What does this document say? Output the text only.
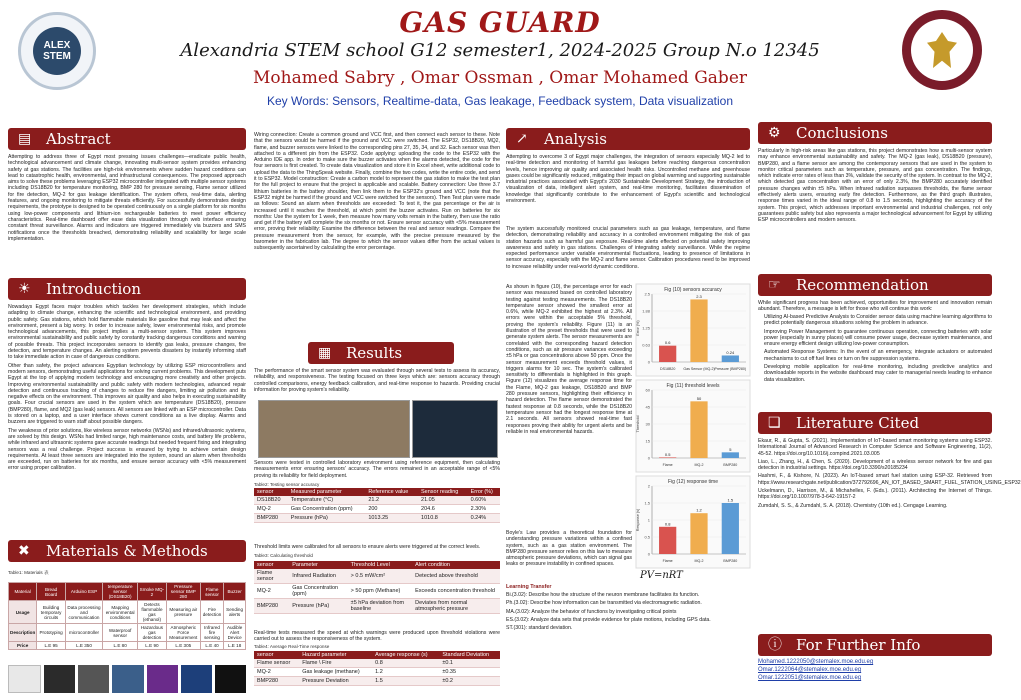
ALEX STEM
GAS GUARD
Alexandria STEM school G12 semester1, 2024-2025 Group N.o 12345
Mohamed Sabry , Omar Ossman , Omar Mohamed Gaber
Key Words: Sensors, Realtime-data, Gas leakage, Feedback system, Data visualization
▤ Abstract

Attempting to address three of Egypt most pressing issues challenges—eradicate public health, technological advancement and climate change, innovating multi-sensor system provides enhancing safety at gas stations. The facilities are high-risk environments where sudden hazard conditions can lead to catastrophic health, environmental, and infrastructural consequences. The proposed approach aims to solve these problems leveraging ESP32 microcontroller integrated with multiple sensor systems including DS18B20 for temperature monitoring, BMP 280 for pressure sensing, Flame sensor utilized for fire detection, MQ-2 for gas leakage identification. The system offers, real-time data, alerting features, and ongoing monitoring to mitigate threats efficiently. For successfully demonstrates design requirements, the prototype is designed to be operated continuously on a single platform for six months using low-power components and lithium-ion rechargeable batteries to meet power efficiency characteristics. Real-time dashboard offer ease data visualization through web interface ensuring constant threat surveillance. Alarms and indicators are triggered immediately via buzzers and SMS notifications once the thresholds breached, demonstrating reliability and scalability for large scale implementation.

☀ Introduction

Nowadays Egypt faces major troubles which tackles her development strategies, which include adapting to climate change, enhancing the scientific and technological environment, and providing public safety. Gas stations, which hold flammable materials like gasoline that may leak and affect the environment, present a big worry. In order to increase safety, lower environmental risks, and promote technological advancements, this project implies a multi-sensor system. This system improves environmental sustainability and public safety by constantly tracking dangerous conditions and warning of possible threats. This project incorporates sensors to identify gas leaks, pressure changes, fire detection, and temperature changes. An alerting system prevents disasters by instantly informing staff to take immediate action in case of dangerous conditions.

Other than safety, the project advances Egyptian technology by utilizing ESP microcontrollers and modern sensors, demonstrating useful applications for solving current problems. This development puts Egypt at the top of applying modern technology and encouraging more creativity and other projects. Improving environmental sustainability and public safety with modern technologies, advanced repair detection and continuous tracking of changes to reduce fire dangers, limiting air pollution and its negative effects on the environment. This improves air quality and also helps in executing sustainability goals. Four crucial sensors are used in the system which are temperature (DS18B20), pressure (BMP280), flame, and MQ2 (gas leak) sensors. All sensors are linked with an ESP microcontroller. Data is stored on a laptop, and a user interface shows current conditions as a live display. Alarms and buzzers are triggered to warn staff about possible dangers.

The weakness of prior solutions, like wireless sensor networks (WSNs) and infrared/ultrasonic systems, are solved by this design. WSNs had limited range, high maintenance costs, and battery life problems, while infrared and ultrasonic systems gave accurate readings but needed frequent fixing and integrating sensors was a real challenge. Project success is ensured by trying to achieve certain design requirements. At least three sensors are integrated into the system, sound an alarm when thresholds are exceeded, run on batteries for six months, and ensure sensor accuracy with <5% measurement error using proper calibration.

✖ Materials & Methods
Table1: Materials 表
Material	Bread Board	Arduino ESP	temperature sensor (DS18B20)	Smoke MQ-2	Pressure sensor BMP 280	Flame sensor	Buzzer
Usage	Building temporary circuits	Data processing and communication	Mapping environmental conditions	Detects flammable gas (ethanol)	Measuring air pressure	Fire detection	Sending alerts
Description	Prototyping	microcontroller	Waterproof sensor	Hazardous gas detection	Atmospheric Force Measurement	Infrared fire sensing	Audible Alert Device
Price	L.E 95	L.E 350	L.E 80	L.E 90	L.E 305	L.E 40	L.E 18

Wiring connection: Create a common ground and VCC first, and then connect each sensor to these. Note that the sensors would be harmed if the ground and VCC were switched. The ESP32, DS18B20, MQ2, flame, and buzzer sensors were linked to the corresponding pins 27, 35, 34, and 32. Each sensor was then attached to a different pin from the ESP32. Code applying: uploading the code to the ESP32 with the Arduino IDE app. In order to make sure the buzzer activates when the alarms detected, the code for the four sensors is first created. To create data visualization and store it in Excel sheet, write additional code to upload the data to the ThingSpeak website. Finally, combine the two codes, write the entire code, and send it to ESP32. Model construction: Create a carbon model to represent the gas station to make the test plan for the full project to ensure that the project is applicable and scalable. Battery connection: Use three 3.7 lithium batteries in the battery shoulder, then link them to the ESP32's ground and VCC (note that the ESP32 might be harmed if the ground and VCC were switched for the sensors). Then Test plan were made as follows: Sound an alarm when thresholds are exceeded: To test it, the gas percentage or the air is increased until it reaches the threshold, at which point the buzzer activates. Run on batteries for six months: Use the system for 1 week, then measure how many volts remain in the battery, then use the ratio and get if the battery will complete the six months or not. Ensure sensor accuracy with <5% measurement error, proving their reliability: Examine the difference between the real and sensor readings. Compare the pressure measurement from the sensor, for example, with the precise pressure measured by the barometer in the fabrication lab. The degree to which the sensor values differ from the actual values is subsequently ascertained by calculating the error percentage.

▦ Results

The performance of the smart sensor system was evaluated through several tests to assess its accuracy, reliability, and responsiveness. The testing focused on three keys which are: sensors accuracy through controlled comparisons, energy feedback calibration, and real-time response to hazards. Providing crucial information for proving system's reliability.

Sensors were tested in controlled laboratory environment using reference equipment, then calculating measurements error ensuring sensors' accuracy. The errors remained in an acceptable range of <5% proving its reliability for field deployment.

Table2: Testing sensor accuracy
sensor	Measured parameter	Reference value	Sensor reading	Error (%)
DS18B20	Temperature (°C)	21.2	21.05	0.60%
MQ-2	Gas Concentration (ppm)	200	204.6	2.30%
BMP280	Pressure (hPa)	1013.25	1010.8	0.24%

Threshold limits were calibrated for all sensors to ensure alerts were triggered at the correct levels.

Table3: Calculating threshold
sensor	Parameter	Threshold Level	Alert condition
Flame sensor	Infrared Radiation	> 0.5 mW/cm²	Detected above threshold
MQ-2	Gas Concentration (ppm)	> 50 ppm (Methane)	Exceeds concentration threshold
BMP280	Pressure (hPa)	±5 hPa deviation from baseline	Deviates from normal atmospheric pressure

Real-time tests measured the speed at which warnings were produced upon threshold violations were carried out to assess the responsiveness of the system.

Table4: Average Real-Time response
sensor	Hazard parameter	Average response (s)	Standard Deviation
Flame sensor	Flame \ Fire	0.8	±0.1
MQ-2	Gas leakage (methane)	1.2	±0.35
BMP280	Pressure Deviation	1.5	±0.2
↗ Analysis

Attempting to overcome 3 of Egypt major challenges, the integration of sensors especially MQ-2 led to real-time detection and monitoring of harmful gas leakages before reaching dangerous concentration levels, hence improving air quality and associated health risks. Uncontrolled methane and greenhouse gases could be significantly reduced, mitigating their impact on global warming and supporting sustainable industrial practices associated with Egypt's 2030 Sustainable Development Strategy, the introduction of visualization of data, intelligent alert system, and real-time monitoring, facilitates dissemination of knowledge that significantly contribute to the enhancement of Egypt's scientific and technological environment.

The system successfully monitored crucial parameters such as gas leakage, temperature, and flame detection, demonstrating reliability and accuracy in a controlled environment mitigating the risk of gas station hazards such as harmful gas exposure. Real-time alerts effected on potential safety improving awareness and safety in gas stations. Challenges of integrating safety surveillance. While the regime expected performance under variable environmental fluctuations, leading to presence of limitations in sensor accuracy, especially with the MQ-2 and flame sensor. Calibration procedures need to be improved to increase reliability under real-world dynamic conditions.

As shown in figure (10), the percentage error for each sensor was measured based on controlled laboratory testing against testing measurements. The DS18B20 temperature sensor showed the smallest error at 0.6%, while MQ-2 exhibited the highest at 2.3%. All errors were within the acceptable 5% threshold, proving the system's reliability. Figure (11) is an illustration of the preset thresholds that were used to generate system alerts. The sensor measurements are correlated with the corresponding hazard detection conditions, such as air pressure variances exceeding ±5 hPa or gas concentrations above 50 ppm. Once the sensor measurement exceeds threshold values, it triggers alarms for 10 sec. The system's calibrated sensitivity to differentials is highlighted in this graph. Figure (12) visualizes the average response time for the Flame, MQ-2 gas leakage, DS18B20 and BMP 280 pressure sensors, highlighting their efficiency in hazard detection. The flame sensor demonstrated the fastest response at 0.8 seconds, while the DS18B20 temperature sensor had the longest response time at 2.1 seconds. All sensors showed real-time fast responses proving their ability for urgent alerts and be reliable in real environmental hazards.

Boyle's Law provides a theoretical foundation for understanding pressure variations within a confined system, such as a gas station environment. The BMP280 pressure sensor relies on this law to measure atmospheric pressure deviations, which can signal gas leaks or pressure instability in confined spaces.

Fig (10) sensors accuracy
0
0.63
1.25
1.88
2.5
0.6
DS18B20
2.3
Gas Sensor (MQ-2)
0.24
Pressure (BMP280)
Error (%)
Fig (11) threshold levels
0
15
30
45
60
0.5
Flame
50
MQ-2
5
BMP280
Threshold
Fig (12) response time
0
0.5
1
1.5
2
0.8
Flame
1.2
MQ-2
1.5
BMP280
Response (s)
PV=nRT
Learning Transfer

Bi.(3.02): Describe how the structure of the neuron membrane facilitates its function.

Ph.(3.02): Describe how information can be transmitted via electromagnetic radiation.

MA.(3.02): Analyze the behavior of functions by investigating critical points

ES.(3.02): Analyze data sets that provide evidence for plate motions, including GPS data.

ST.(301): standard deviation.

⚙ Conclusions

Particularly in high-risk areas like gas stations, this project demonstrates how a multi-sensor system may enhance environmental sustainability and safety. The MQ-2 (gas leak), DS18B20 (pressure), BMP280, and a flame sensor are among the contemporary sensors that are used in the system to monitor critical parameters such as temperature, pressure, and gas concentration. The findings, which indicate error rates of less than 3%, validate the security of the system. In contrast to the MQ-2, which detected gas concentration with an error of only 2.3%, the BMP280 accurately identified pressure changes within ±5 hPa. When infrared radiation surpasses thresholds, the flame sensor effectively alerts users, ensuring early fire detection. Furthermore, as the third graph illustrates, response times varied in the ideal range of 0.8 to 1.5 seconds, highlighting the accuracy of the system. This project, which addresses important environmental and industrial challenges, not only guarantees public safety but also represents a major technological advancement for Egypt by utilizing ESP microcontrollers and modern sensors.

☞ Recommendation

While significant progress has been achieved, opportunities for improvement and innovation remain abundant. Therefore, a message is left for those who will continue this work:

Utilizing AI-based Predictive Analysis to Consider sensor data using machine learning algorithms to predict potentially dangerous situations solving the problem in advance.

Improving Power Management to guarantee continuous operation, connecting batteries with solar power (especially in sunny places) will consume power usage, decrease system maintenance, and ensure energy efficient design utilizing low-power consumption.

Automated Response Systems: In the event of an emergency, integrate actuators or automated mechanisms to cut off fuel lines or turn on fire suppression systems.

Developing mobile application for real-time monitoring, including predictive analytics and downloadable reports in the website dashboard may cater to managerial needs leading to enhance data visualization.

❑ Literature Cited

Ekaur, R., & Gupta, S. (2021). Implementation of IoT-based smart monitoring systems using ESP32. International Journal of Advanced Research in Computer Science and Software Engineering, 11(2), 45-52. https://doi.org/10.1016/j.compind.2021.03.005

Liao, L., Zhang, H., & Chen, S. (2020). Development of a wireless sensor network for fire and gas detection in industrial settings. https://doi.org/10.3390/s20185234

Hashmi, F., & Kishore, N. (2023). An IoT-based smart fuel station using ESP-32. Retrieved from https://www.researchgate.net/publication/372792696_AN_IOT_BASED_SMART_FUEL_STATION_USING_ESP32

Uckelmann, D., Harrison, M., & Michahelles, F. (Eds.). (2011). Architecting the Internet of Things. https://doi.org/10.1007/978-3-642-19157-2

Zumdahl, S. S., & Zumdahl, S. A. (2018). Chemistry (10th ed.). Cengage Learning.

ⓘ For Further Info
Mohamed.1222050@stemalex.moe.edu.eg
Omar.1222064@stemalex.moe.edu.eg
Omar.1222051@stemalex.moe.edu.eg
